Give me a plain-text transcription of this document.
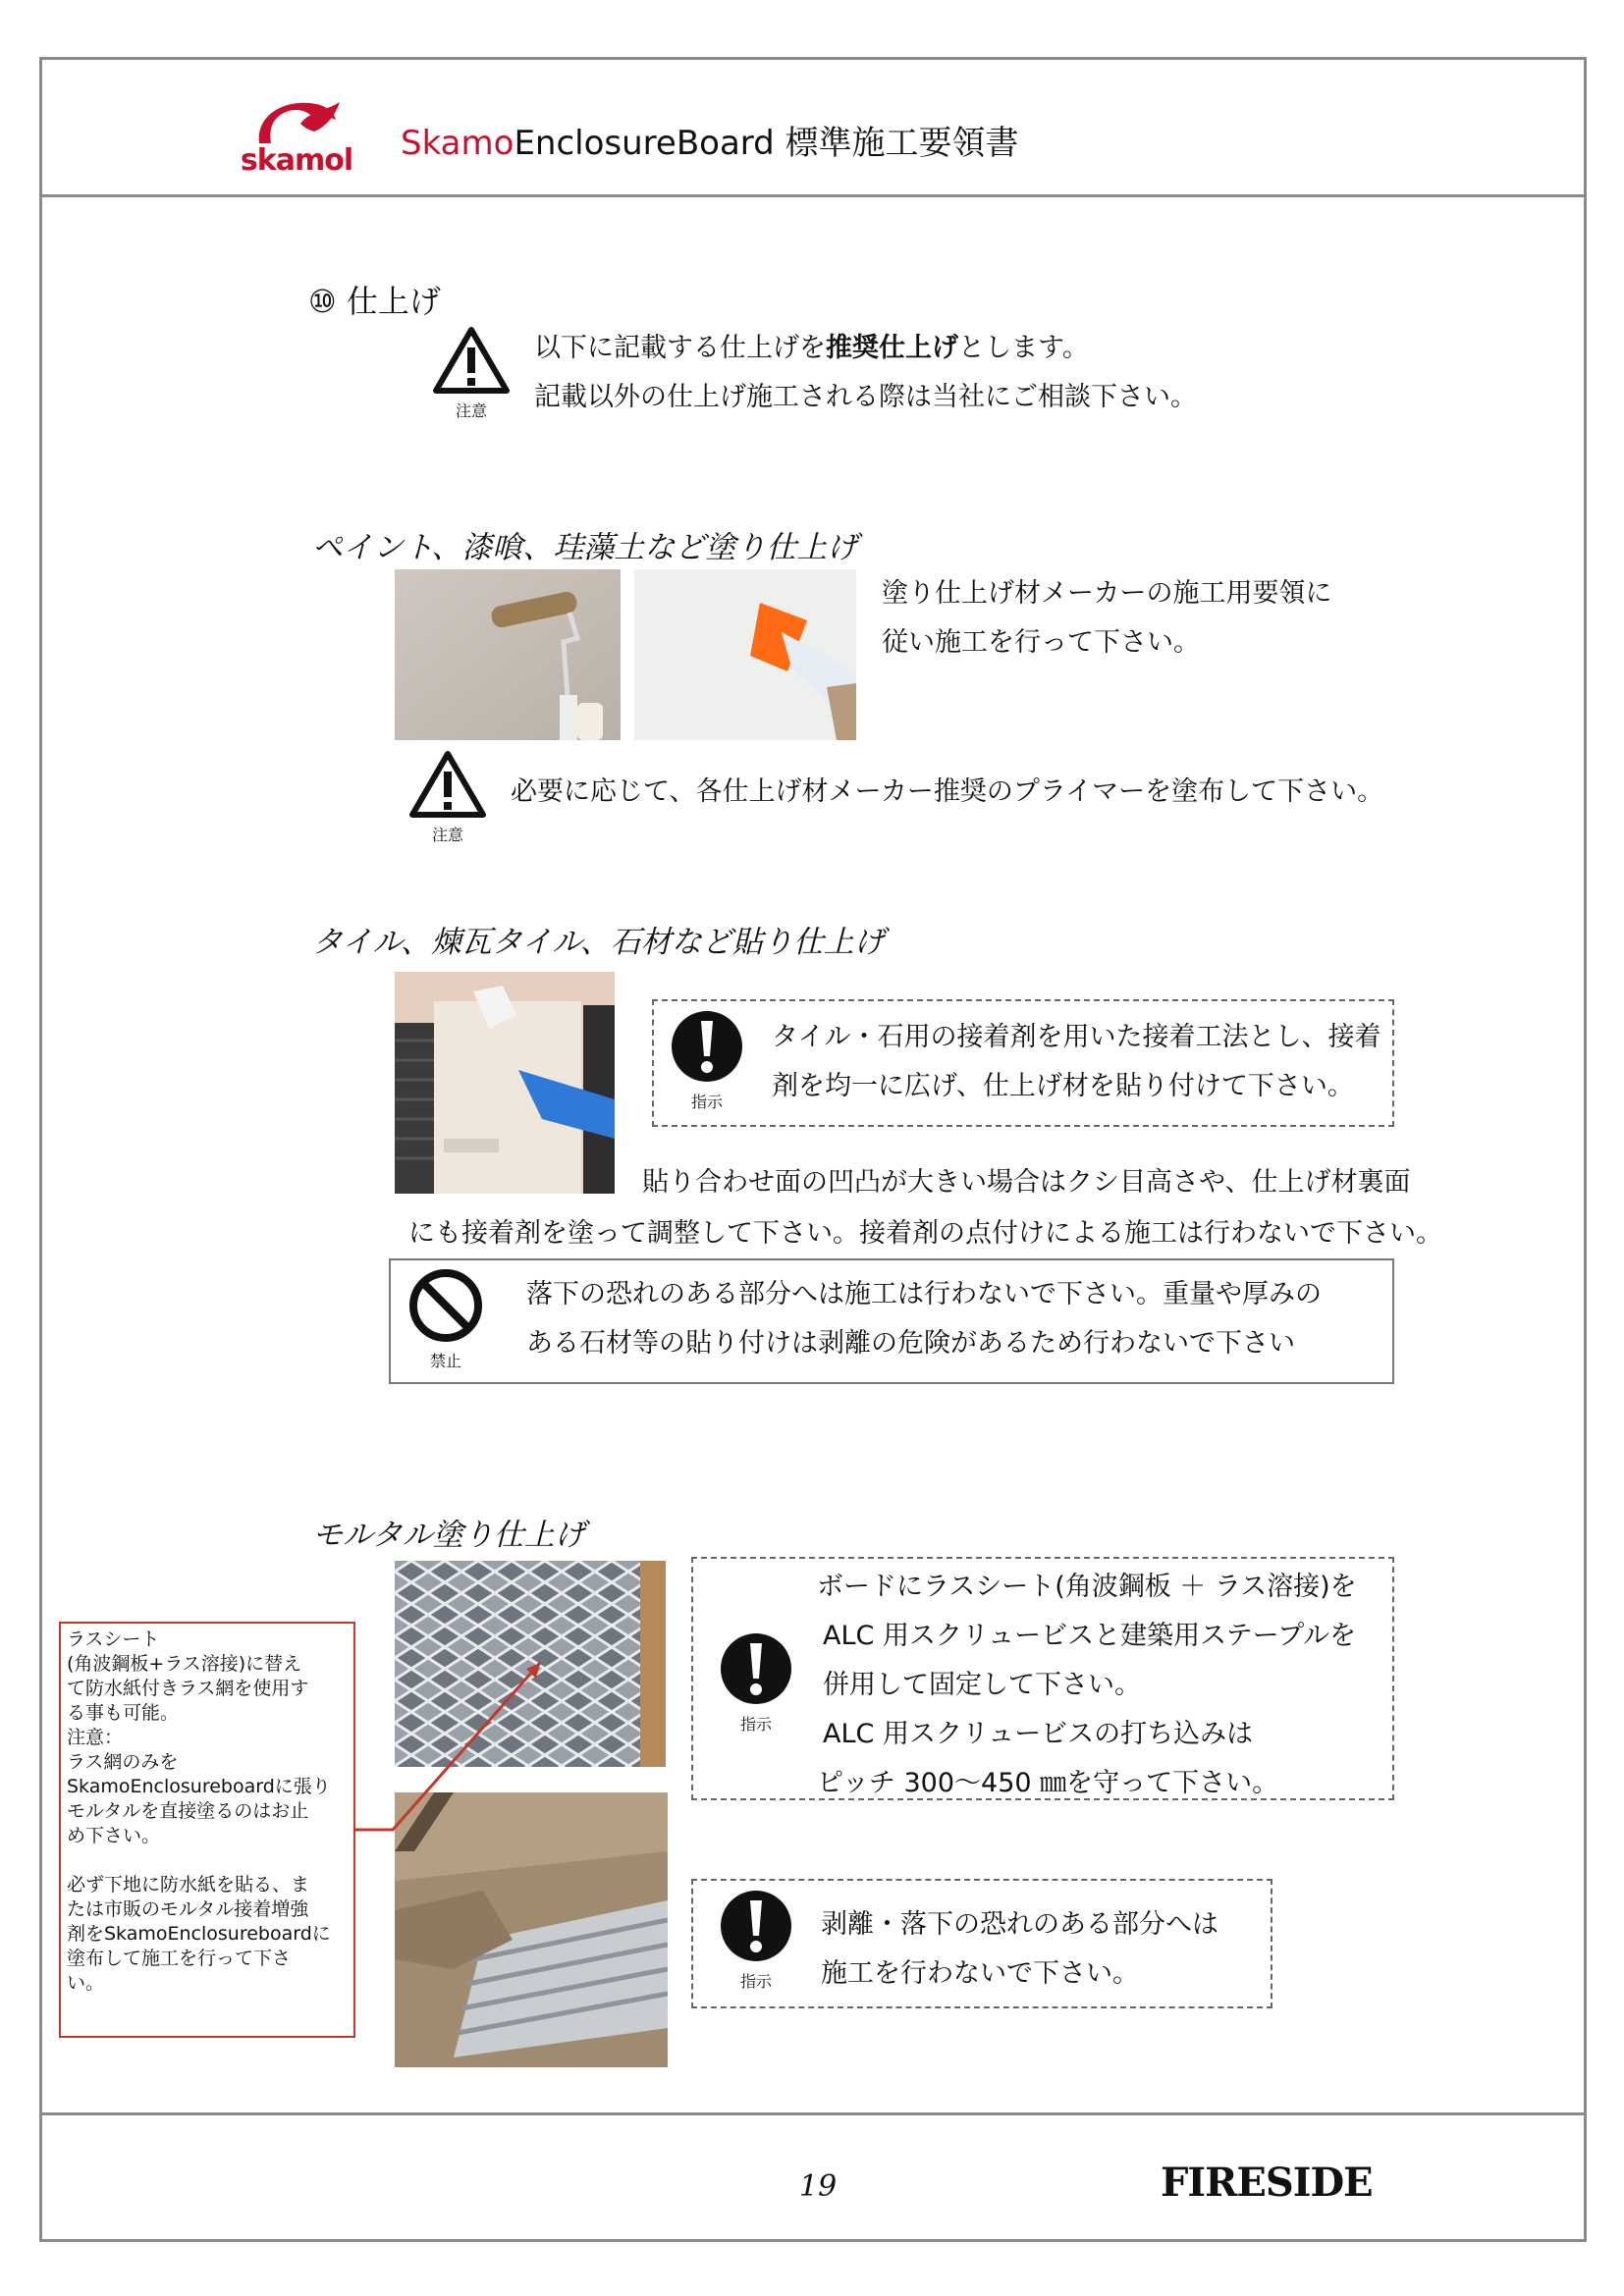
skamol SkamoEnclosureBoard 標準施工要領書
⑩ 仕上げ
注意
以下に記載する仕上げを推奨仕上げとします。
記載以外の仕上げ施工される際は当社にご相談下さい。
ペイント、漆喰、珪藻土など塗り仕上げ
塗り仕上げ材メーカーの施工用要領に
従い施工を行って下さい。
注意
必要に応じて、各仕上げ材メーカー推奨のプライマーを塗布して下さい。
タイル、煉瓦タイル、石材など貼り仕上げ
指示
タイル・石用の接着剤を用いた接着工法とし、接着
剤を均一に広げ、仕上げ材を貼り付けて下さい。
貼り合わせ面の凹凸が大きい場合はクシ目高さや、仕上げ材裏面
にも接着剤を塗って調整して下さい。接着剤の点付けによる施工は行わないで下さい。
禁止
落下の恐れのある部分へは施工は行わないで下さい。重量や厚みの
ある石材等の貼り付けは剥離の危険があるため行わないで下さい
モルタル塗り仕上げ
指示
ボードにラスシート(角波鋼板 ＋ ラス溶接)を
ALC 用スクリュービスと建築用ステープルを
併用して固定して下さい。
ALC 用スクリュービスの打ち込みは
ピッチ 300～450 ㎜を守って下さい。
指示
剥離・落下の恐れのある部分へは
施工を行わないで下さい。
ラスシート
(角波鋼板+ラス溶接)に替え
て防水紙付きラス網を使用す
る事も可能。
注意：
ラス網のみを
SkamoEnclosureboardに張り
モルタルを直接塗るのはお止
め下さい。
必ず下地に防水紙を貼る、ま
たは市販のモルタル接着増強
剤をSkamoEnclosureboardに
塗布して施工を行って下さ
い。
19	FIRESIDE
